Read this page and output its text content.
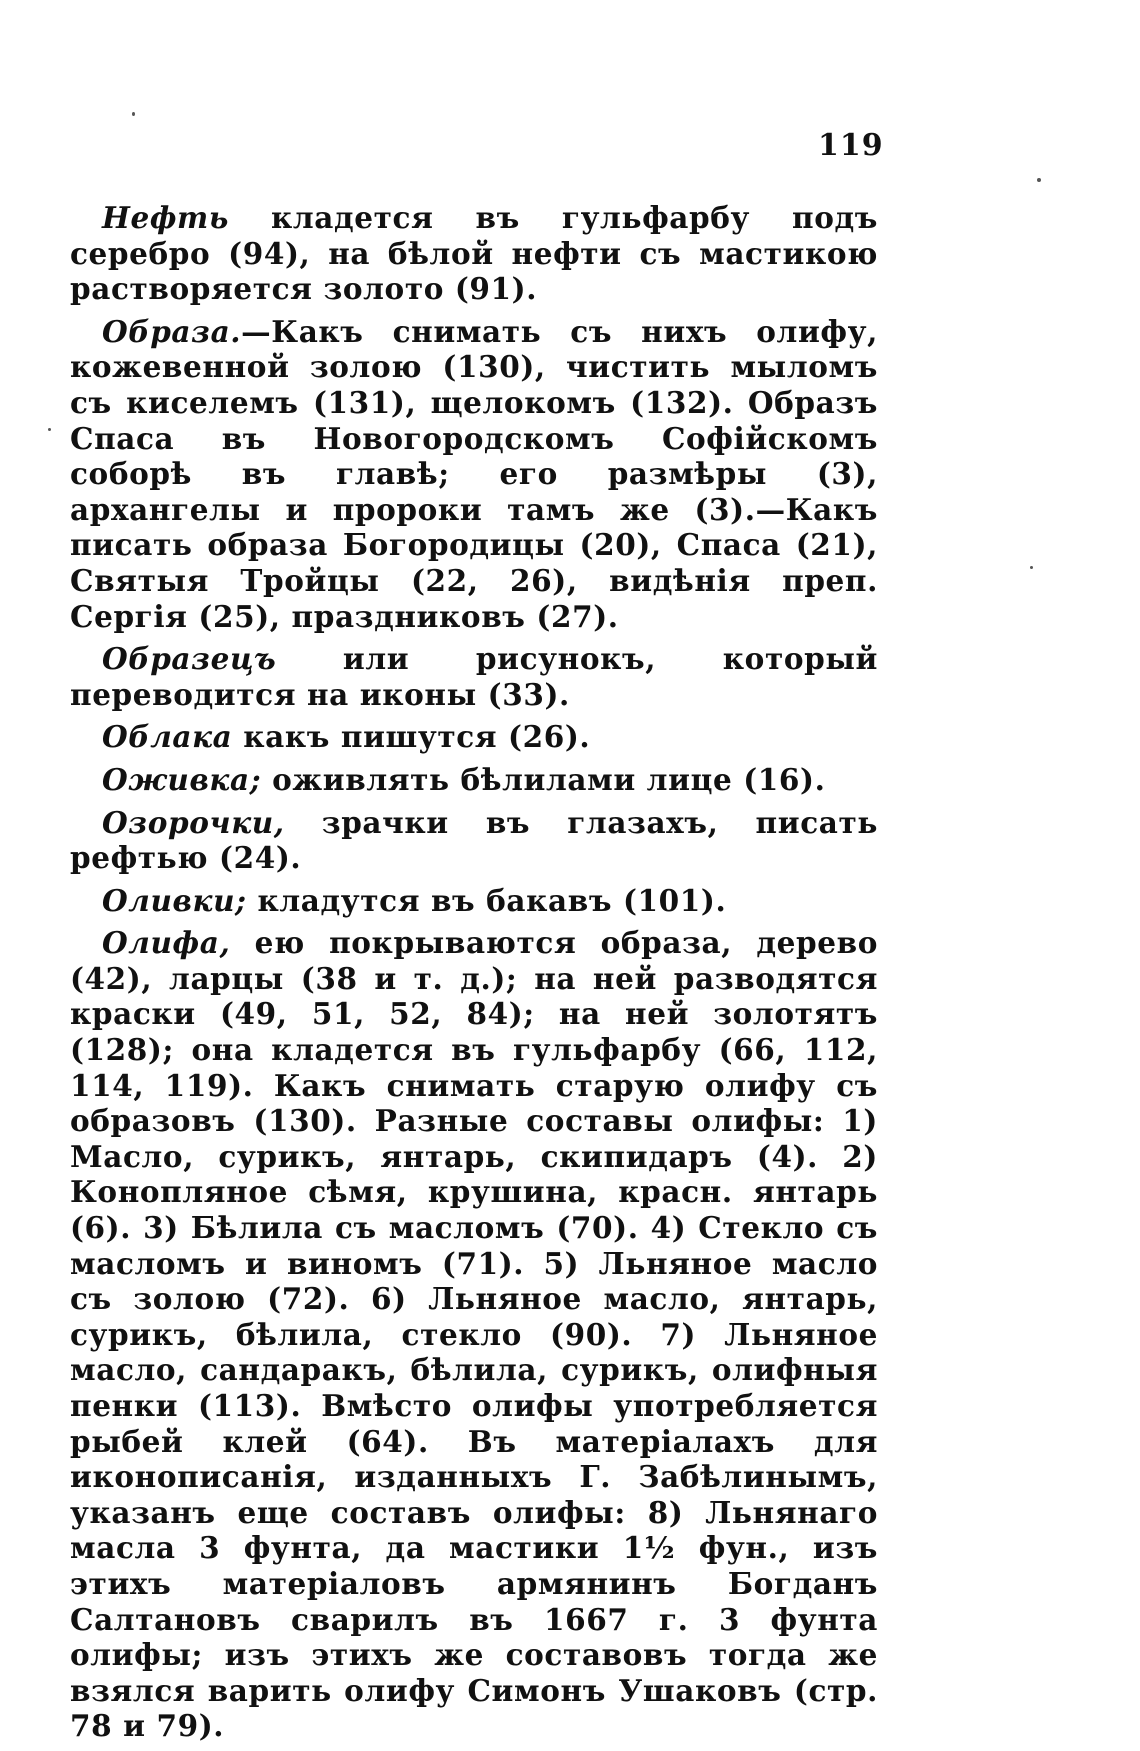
119

Нефть кладется въ гульфарбу подъ серебро (94), на бѣлой нефти съ мастикою растворяется золото (91).

Образа.—Какъ снимать съ нихъ олифу, кожевенной золою (130), чистить мыломъ съ киселемъ (131), щелокомъ (132). Образъ Спаса въ Новогородскомъ Софійскомъ соборѣ въ главѣ; его размѣры (3), архангелы и пророки тамъ же (3).—Какъ писать образа Богородицы (20), Спаса (21), Святыя Тройцы (22, 26), видѣнія преп. Сергія (25), праздниковъ (27).

Образецъ или рисунокъ, который переводится на иконы (33).

Облака какъ пишутся (26).

Оживка; оживлять бѣлилами лице (16).

Озорочки, зрачки въ глазахъ, писать рефтью (24).

Оливки; кладутся въ бакавъ (101).

Олифа, ею покрываются образа, дерево (42), ларцы (38 и т. д.); на ней разводятся краски (49, 51, 52, 84); на ней золотятъ (128); она кладется въ гульфарбу (66, 112, 114, 119). Какъ снимать старую олифу съ образовъ (130). Разные составы олифы: 1) Масло, сурикъ, янтарь, скипидаръ (4). 2) Конопляное сѣмя, крушина, красн. янтарь (6). 3) Бѣлила съ масломъ (70). 4) Стекло съ масломъ и виномъ (71). 5) Льняное масло съ золою (72). 6) Льняное масло, янтарь, сурикъ, бѣлила, стекло (90). 7) Льняное масло, сандаракъ, бѣлила, сурикъ, олифныя пенки (113). Вмѣсто олифы употребляется рыбей клей (64). Въ матеріалахъ для иконописанія, изданныхъ Г. Забѣлинымъ, указанъ еще составъ олифы: 8) Льнянаго масла 3 фунта, да мастики 1½ фун., изъ этихъ матеріаловъ армянинъ Богданъ Салтановъ сварилъ въ 1667 г. 3 фунта олифы; изъ этихъ же составовъ тогда же взялся варить олифу Симонъ Ушаковъ (стр. 78 и 79).
